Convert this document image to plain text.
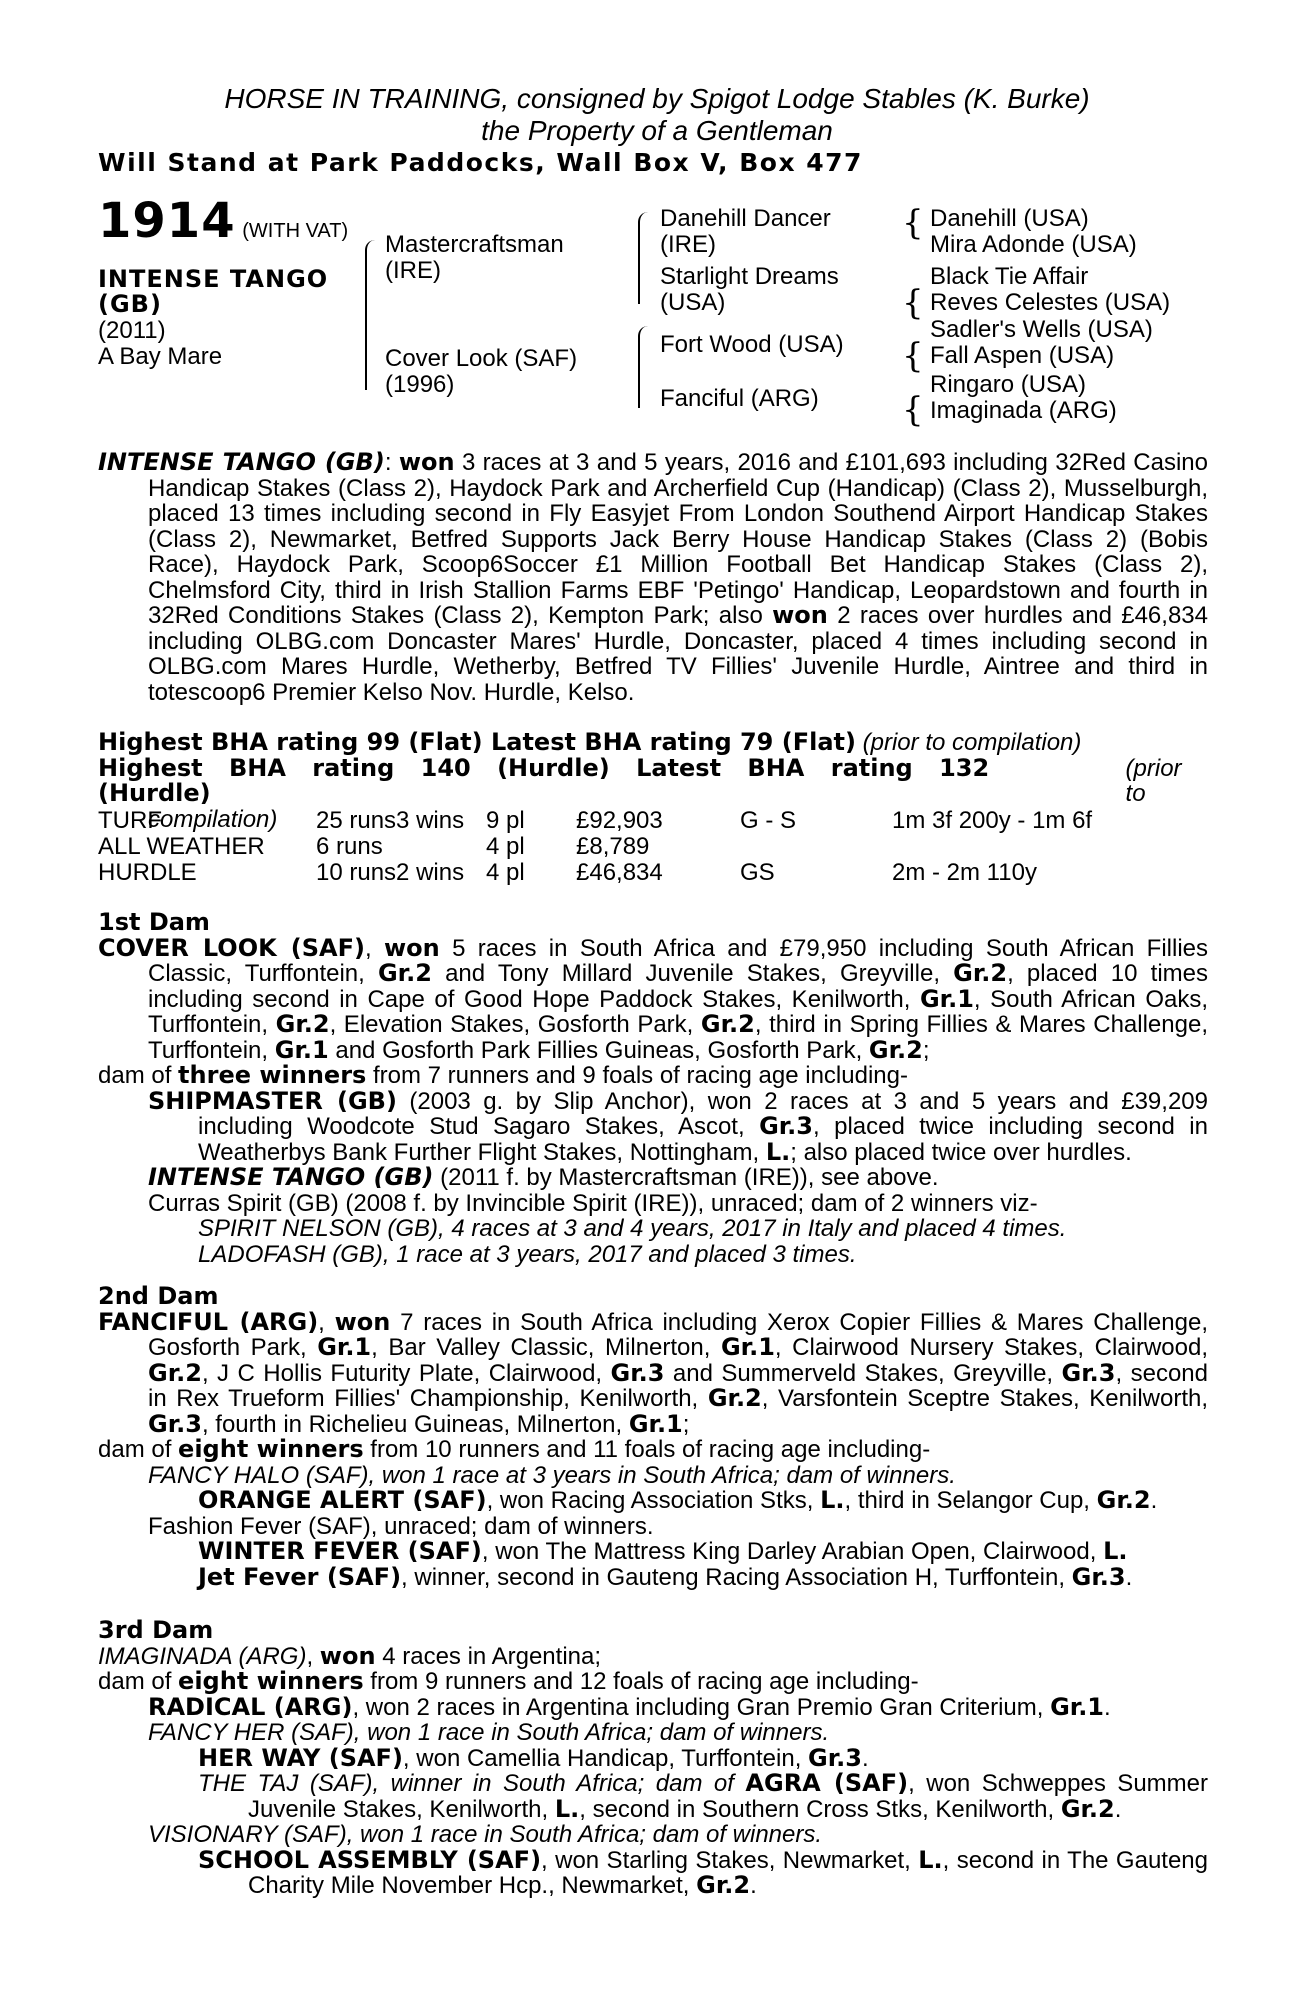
HORSE IN TRAINING, consigned by Spigot Lodge Stables (K. Burke)
the Property of a Gentleman
Will Stand at Park Paddocks, Wall Box V, Box 477
1914 (WITH VAT)
INTENSE TANGO
(GB)
(2011)
A Bay Mare
Mastercraftsman
(IRE)
Cover Look (SAF)
(1996)
Danehill Dancer
(IRE)
Starlight Dreams
(USA)
Fort Wood (USA)
Fanciful (ARG)
{
{
{
{
Danehill (USA)
Mira Adonde (USA)
Black Tie Affair
Reves Celestes (USA)
Sadler's Wells (USA)
Fall Aspen (USA)
Ringaro (USA)
Imaginada (ARG)

INTENSE TANGO (GB): won 3 races at 3 and 5 years, 2016 and £101,693 including 32Red Casino Handicap Stakes (Class 2), Haydock Park and Archerfield Cup (Handicap) (Class 2), Musselburgh, placed 13 times including second in Fly Easyjet From London Southend Airport Handicap Stakes (Class 2), Newmarket, Betfred Supports Jack Berry House Handicap Stakes (Class 2) (Bobis Race), Haydock Park, Scoop6Soccer £1 Million Football Bet Handicap Stakes (Class 2), Chelmsford City, third in Irish Stallion Farms EBF 'Petingo' Handicap, Leopardstown and fourth in 32Red Conditions Stakes (Class 2), Kempton Park; also won 2 races over hurdles and £46,834 including OLBG.com Doncaster Mares' Hurdle, Doncaster, placed 4 times including second in OLBG.com Mares Hurdle, Wetherby, Betfred TV Fillies' Juvenile Hurdle, Aintree and third in totescoop6 Premier Kelso Nov. Hurdle, Kelso.

Highest BHA rating 99 (Flat) Latest BHA rating 79 (Flat) (prior to compilation)

Highest BHA rating 140 (Hurdle) Latest BHA rating 132 (Hurdle)
(prior to

compilation)

TURF	25 runs3 wins 9 pl £92,903	G - S	1m 3f 200y - 1m 6f
ALL WEATHER 6 runs	4 pl £8,789
HURDLE	10 runs2 wins 4 pl £46,834	GS	2m - 2m 110y

1st Dam

COVER LOOK (SAF), won 5 races in South Africa and £79,950 including South African Fillies Classic, Turffontein, Gr.2 and Tony Millard Juvenile Stakes, Greyville, Gr.2, placed 10 times including second in Cape of Good Hope Paddock Stakes, Kenilworth, Gr.1, South African Oaks, Turffontein, Gr.2, Elevation Stakes, Gosforth Park, Gr.2, third in Spring Fillies & Mares Challenge, Turffontein, Gr.1 and Gosforth Park Fillies Guineas, Gosforth Park, Gr.2;

dam of three winners from 7 runners and 9 foals of racing age including-

SHIPMASTER (GB) (2003 g. by Slip Anchor), won 2 races at 3 and 5 years and £39,209 including Woodcote Stud Sagaro Stakes, Ascot, Gr.3, placed twice including second in Weatherbys Bank Further Flight Stakes, Nottingham, L.; also placed twice over hurdles.

INTENSE TANGO (GB) (2011 f. by Mastercraftsman (IRE)), see above.

Curras Spirit (GB) (2008 f. by Invincible Spirit (IRE)), unraced; dam of 2 winners viz-

SPIRIT NELSON (GB), 4 races at 3 and 4 years, 2017 in Italy and placed 4 times.

LADOFASH (GB), 1 race at 3 years, 2017 and placed 3 times.

2nd Dam

FANCIFUL (ARG), won 7 races in South Africa including Xerox Copier Fillies & Mares Challenge, Gosforth Park, Gr.1, Bar Valley Classic, Milnerton, Gr.1, Clairwood Nursery Stakes, Clairwood, Gr.2, J C Hollis Futurity Plate, Clairwood, Gr.3 and Summerveld Stakes, Greyville, Gr.3, second in Rex Trueform Fillies' Championship, Kenilworth, Gr.2, Varsfontein Sceptre Stakes, Kenilworth, Gr.3, fourth in Richelieu Guineas, Milnerton, Gr.1;

dam of eight winners from 10 runners and 11 foals of racing age including-

FANCY HALO (SAF), won 1 race at 3 years in South Africa; dam of winners.

ORANGE ALERT (SAF), won Racing Association Stks, L., third in Selangor Cup, Gr.2.

Fashion Fever (SAF), unraced; dam of winners.

WINTER FEVER (SAF), won The Mattress King Darley Arabian Open, Clairwood, L.

Jet Fever (SAF), winner, second in Gauteng Racing Association H, Turffontein, Gr.3.

3rd Dam

IMAGINADA (ARG), won 4 races in Argentina;

dam of eight winners from 9 runners and 12 foals of racing age including-

RADICAL (ARG), won 2 races in Argentina including Gran Premio Gran Criterium, Gr.1.

FANCY HER (SAF), won 1 race in South Africa; dam of winners.

HER WAY (SAF), won Camellia Handicap, Turffontein, Gr.3.

THE TAJ (SAF), winner in South Africa; dam of AGRA (SAF), won Schweppes Summer Juvenile Stakes, Kenilworth, L., second in Southern Cross Stks, Kenilworth, Gr.2.

VISIONARY (SAF), won 1 race in South Africa; dam of winners.

SCHOOL ASSEMBLY (SAF), won Starling Stakes, Newmarket, L., second in The Gauteng Charity Mile November Hcp., Newmarket, Gr.2.
